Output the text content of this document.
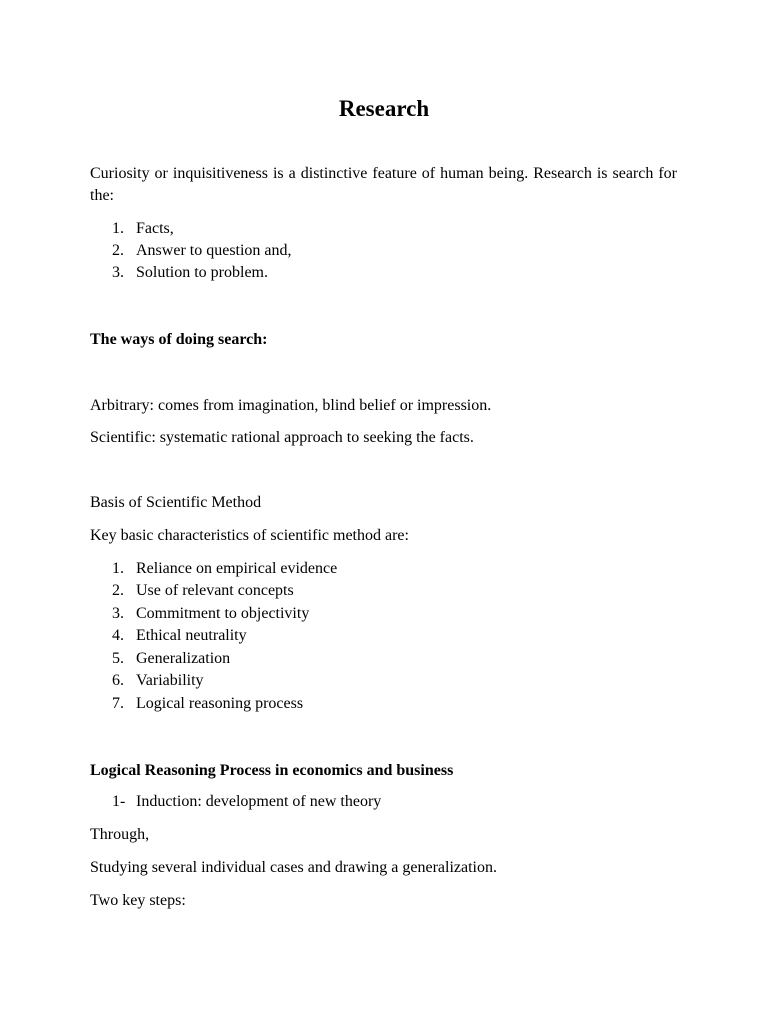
Research
Curiosity or inquisitiveness is a distinctive feature of human being. Research is search for the:
1. Facts,
2. Answer to question and,
3. Solution to problem.
The ways of doing search:
Arbitrary: comes from imagination, blind belief or impression.
Scientific: systematic rational approach to seeking the facts.
Basis of Scientific Method
Key basic characteristics of scientific method are:
1. Reliance on empirical evidence
2. Use of relevant concepts
3. Commitment to objectivity
4. Ethical neutrality
5. Generalization
6. Variability
7. Logical reasoning process
Logical Reasoning Process in economics and business
1- Induction: development of new theory
Through,
Studying several individual cases and drawing a generalization.
Two key steps:
